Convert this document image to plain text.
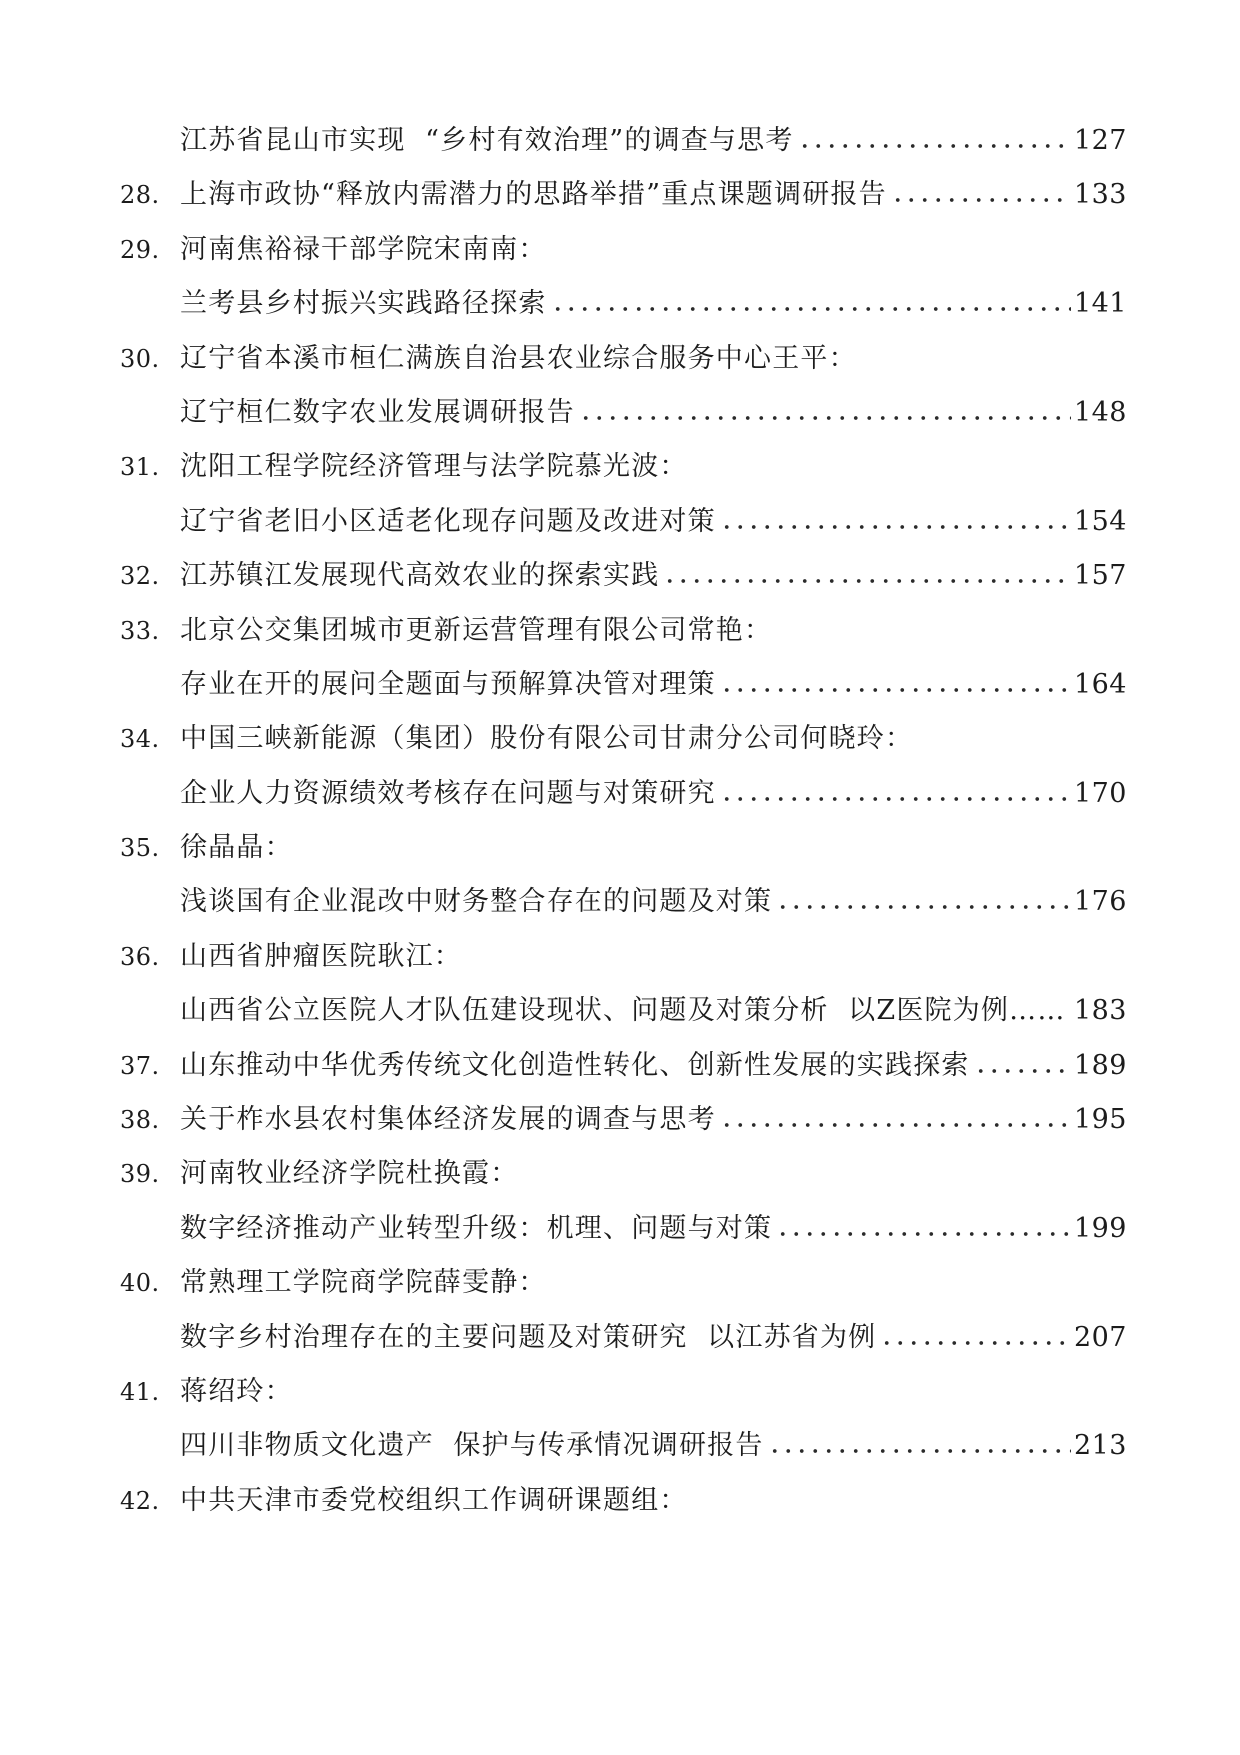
江苏省昆山市实现  “乡村有效治理”的调查与思考	127
28. 上海市政协“释放内需潜力的思路举措”重点课题调研报告	133
29. 河南焦裕禄干部学院宋南南：
兰考县乡村振兴实践路径探索	141
30. 辽宁省本溪市桓仁满族自治县农业综合服务中心王平：
辽宁桓仁数字农业发展调研报告	148
31. 沈阳工程学院经济管理与法学院慕光波：
辽宁省老旧小区适老化现存问题及改进对策	154
32. 江苏镇江发展现代高效农业的探索实践	157
33. 北京公交集团城市更新运营管理有限公司常艳：
存业在开的展问全题面与预解算决管对理策	164
34. 中国三峡新能源（集团）股份有限公司甘肃分公司何晓玲：
企业人力资源绩效考核存在问题与对策研究	170
35. 徐晶晶：
浅谈国有企业混改中财务整合存在的问题及对策	176
36. 山西省肿瘤医院耿江：
山西省公立医院人才队伍建设现状、问题及对策分析  以Z医院为例…… 183
37. 山东推动中华优秀传统文化创造性转化、创新性发展的实践探索	189
38. 关于柞水县农村集体经济发展的调查与思考	195
39. 河南牧业经济学院杜换霞：
数字经济推动产业转型升级：机理、问题与对策	199
40. 常熟理工学院商学院薛雯静：
数字乡村治理存在的主要问题及对策研究  以江苏省为例	207
41. 蒋绍玲：
四川非物质文化遗产  保护与传承情况调研报告	213
42. 中共天津市委党校组织工作调研课题组：
